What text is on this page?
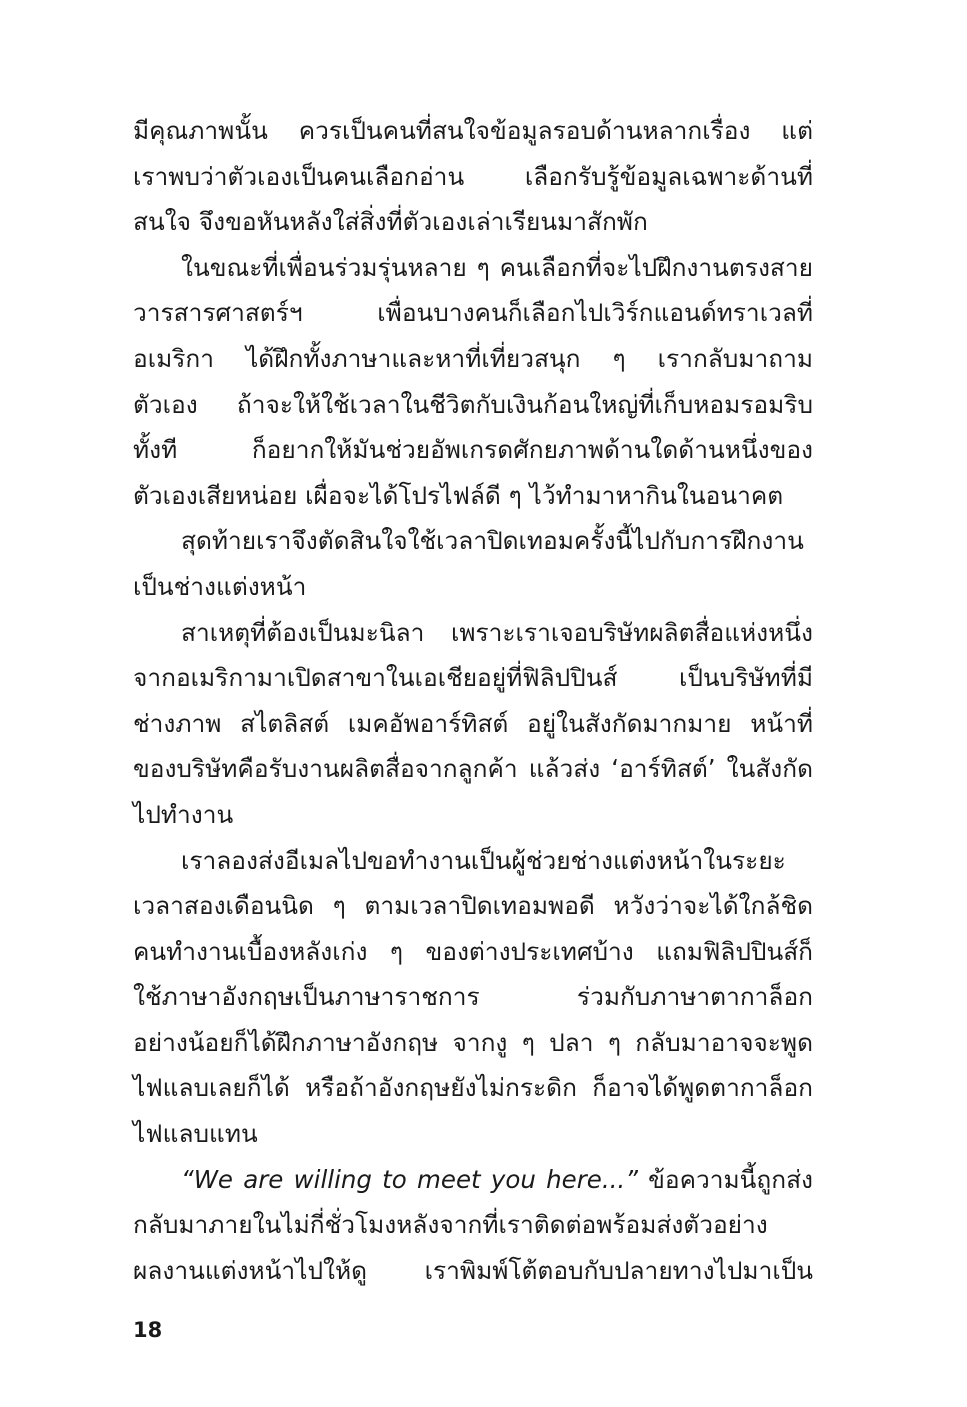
มีคุณภาพนั้น ควรเป็นคนที่สนใจข้อมูลรอบด้านหลากเรื่อง แต่
เราพบว่าตัวเองเป็นคนเลือกอ่าน เลือกรับรู้ข้อมูลเฉพาะด้านที่
สนใจ จึงขอหันหลังใส่สิ่งที่ตัวเองเล่าเรียนมาสักพัก
ในขณะที่เพื่อนร่วมรุ่นหลาย ๆ คนเลือกที่จะไปฝึกงานตรงสาย
วารสารศาสตร์ฯ เพื่อนบางคนก็เลือกไปเวิร์กแอนด์ทราเวลที่
อเมริกา ได้ฝึกทั้งภาษาและหาที่เที่ยวสนุก ๆ เรากลับมาถาม
ตัวเอง ถ้าจะให้ใช้เวลาในชีวิตกับเงินก้อนใหญ่ที่เก็บหอมรอมริบ
ทั้งที ก็อยากให้มันช่วยอัพเกรดศักยภาพด้านใดด้านหนึ่งของ
ตัวเองเสียหน่อย เผื่อจะได้โปรไฟล์ดี ๆ ไว้ทำมาหากินในอนาคต
สุดท้ายเราจึงตัดสินใจใช้เวลาปิดเทอมครั้งนี้ไปกับการฝึกงาน
เป็นช่างแต่งหน้า
สาเหตุที่ต้องเป็นมะนิลา เพราะเราเจอบริษัทผลิตสื่อแห่งหนึ่ง
จากอเมริกามาเปิดสาขาในเอเชียอยู่ที่ฟิลิปปินส์ เป็นบริษัทที่มี
ช่างภาพ สไตลิสต์ เมคอัพอาร์ทิสต์ อยู่ในสังกัดมากมาย หน้าที่
ของบริษัทคือรับงานผลิตสื่อจากลูกค้า แล้วส่ง ‘อาร์ทิสต์’ ในสังกัด
ไปทำงาน
เราลองส่งอีเมลไปขอทำงานเป็นผู้ช่วยช่างแต่งหน้าในระยะ
เวลาสองเดือนนิด ๆ ตามเวลาปิดเทอมพอดี หวังว่าจะได้ใกล้ชิด
คนทำงานเบื้องหลังเก่ง ๆ ของต่างประเทศบ้าง แถมฟิลิปปินส์ก็
ใช้ภาษาอังกฤษเป็นภาษาราชการ ร่วมกับภาษาตากาล็อก
อย่างน้อยก็ได้ฝึกภาษาอังกฤษ จากงู ๆ ปลา ๆ กลับมาอาจจะพูด
ไฟแลบเลยก็ได้ หรือถ้าอังกฤษยังไม่กระดิก ก็อาจได้พูดตากาล็อก
ไฟแลบแทน
“We are willing to meet you here...” ข้อความนี้ถูกส่ง
กลับมาภายในไม่กี่ชั่วโมงหลังจากที่เราติดต่อพร้อมส่งตัวอย่าง
ผลงานแต่งหน้าไปให้ดู เราพิมพ์โต้ตอบกับปลายทางไปมาเป็น
18
